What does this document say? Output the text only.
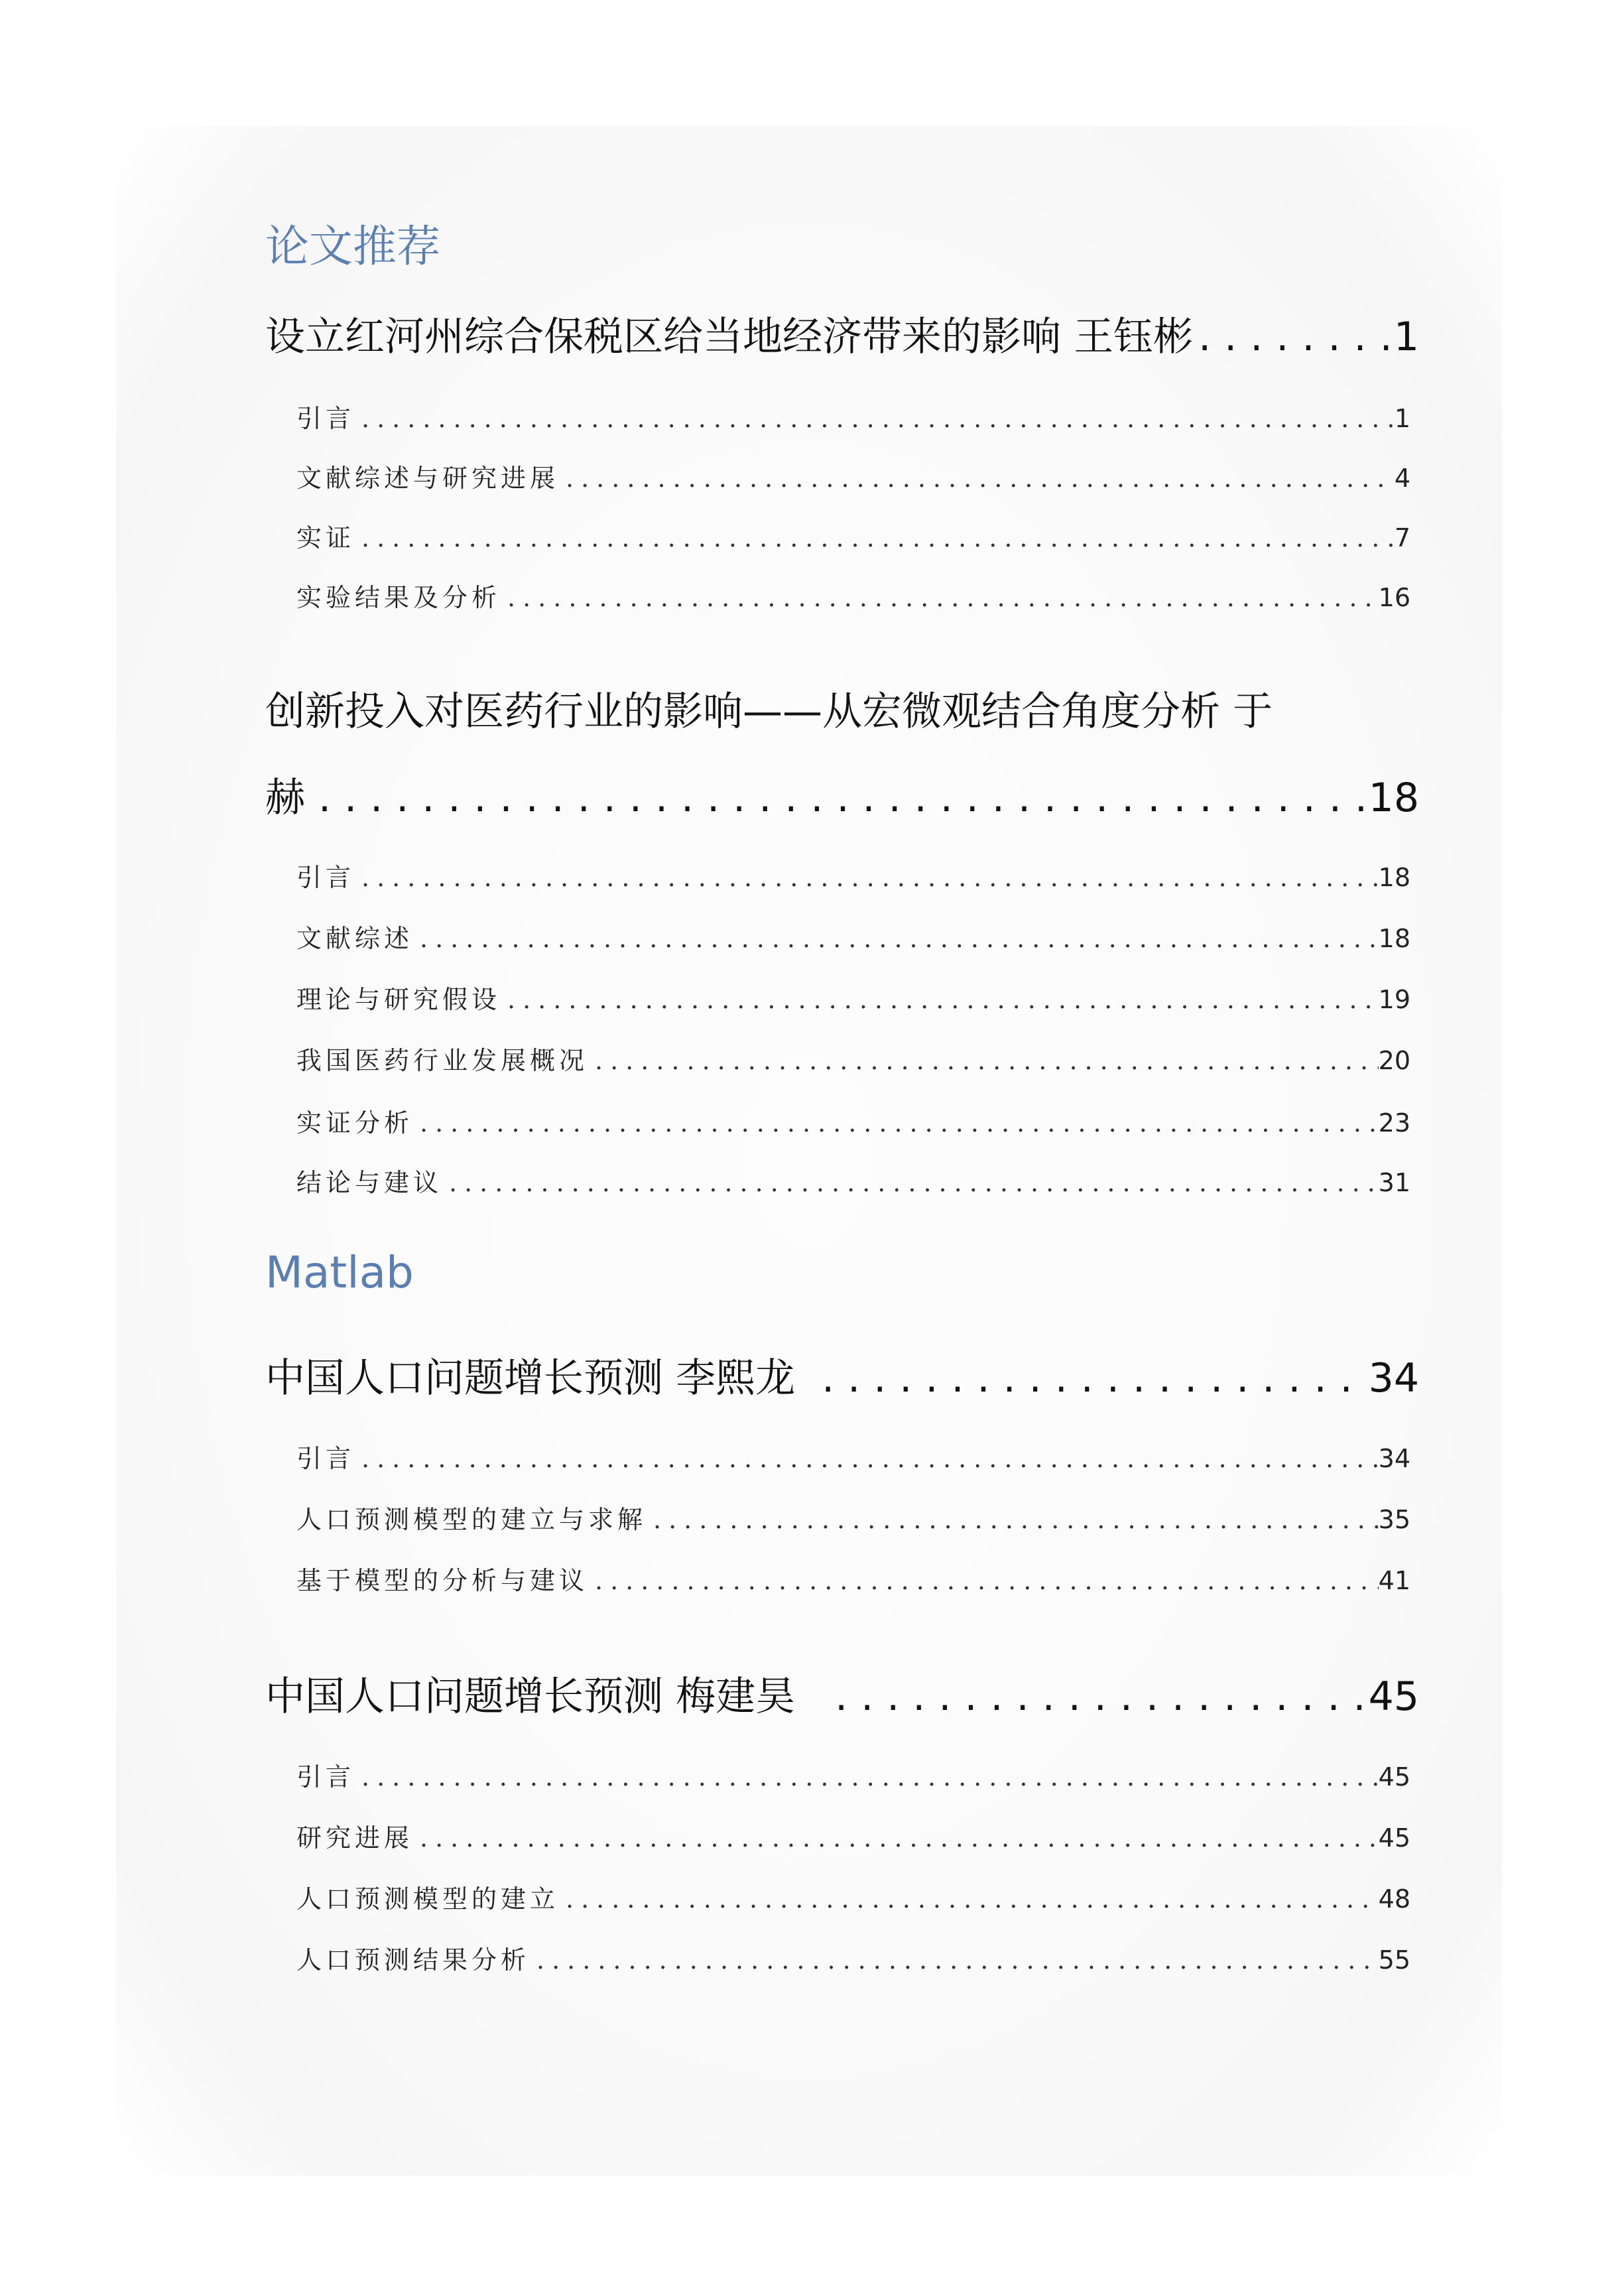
论文推荐
设立红河州综合保税区给当地经济带来的影响 王钰彬 .....	1
引言 .....	1
文献综述与研究进展 .....	4
实证 .....	7
实验结果及分析 .....	16
创新投入对医药行业的影响——从宏微观结合角度分析 于
赫 .....	18
引言 .....	18
文献综述 .....	18
理论与研究假设 .....	19
我国医药行业发展概况 .....	20
实证分析 .....	23
结论与建议 .....	31
Matlab
中国人口问题增长预测 李熙龙 .....	34
引言 .....	34
人口预测模型的建立与求解 .....	35
基于模型的分析与建议 .....	41
中国人口问题增长预测 梅建昊 .....	45
引言 .....	45
研究进展 .....	45
人口预测模型的建立 .....	48
人口预测结果分析 .....	55
